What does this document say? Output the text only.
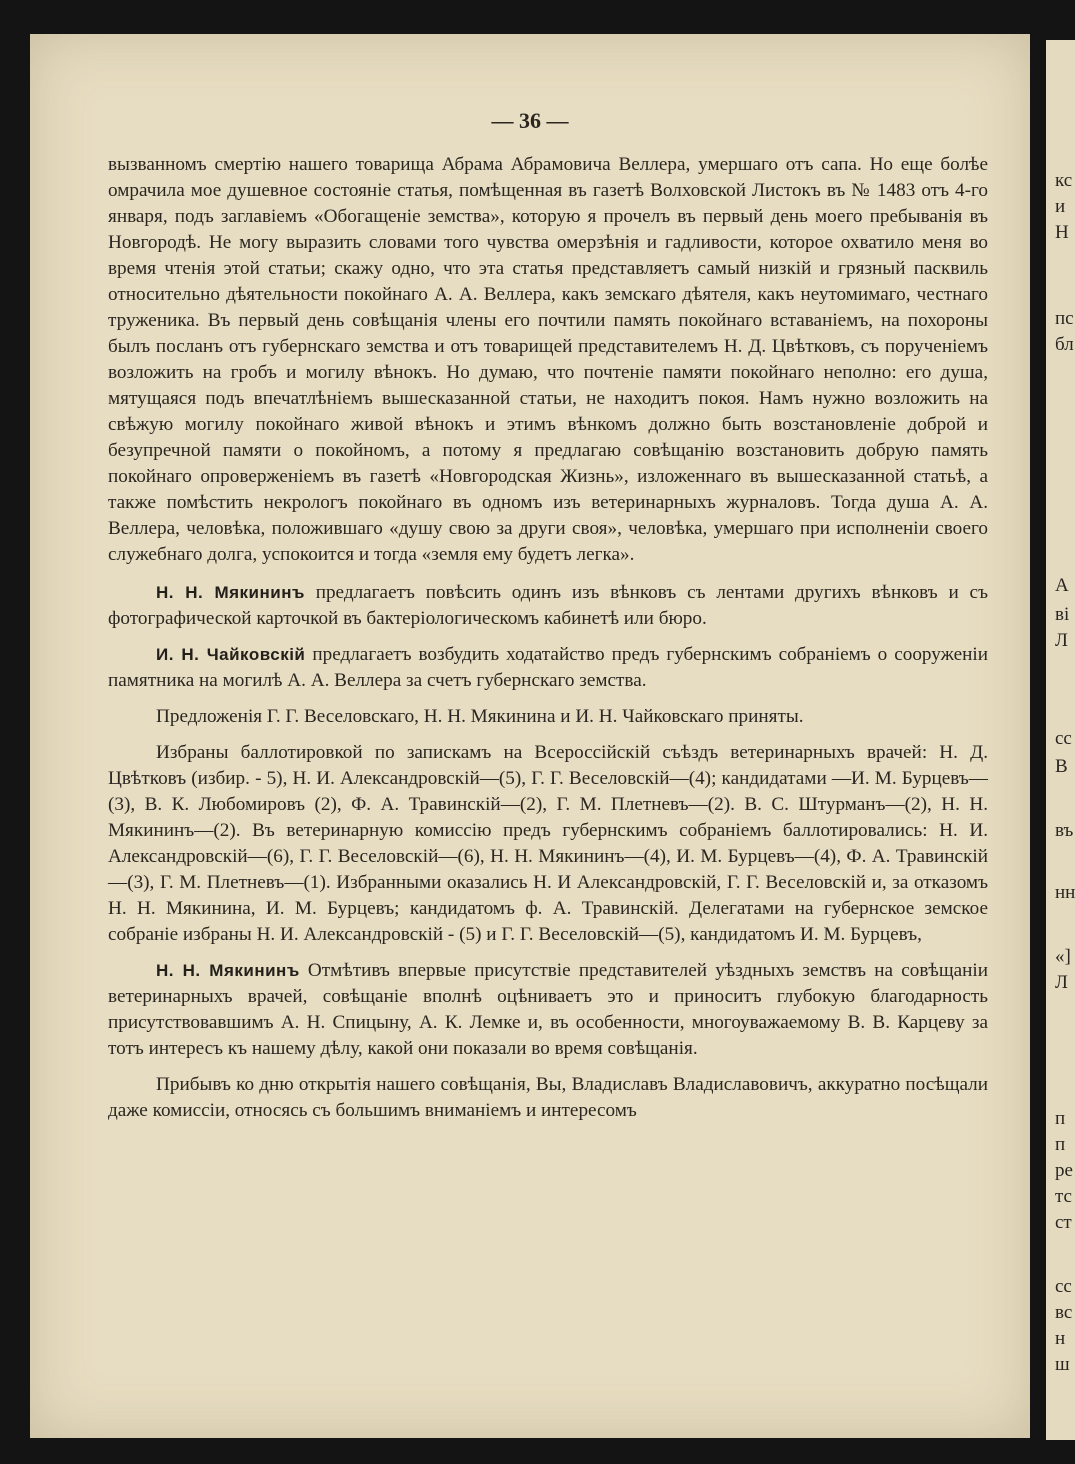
— 36 —

вызванномъ смертiю нашего товарища Абрама Абрамовича Веллера, умершаго отъ сапа. Но еще болѣе омрачила мое душевное состоянiе статья, помѣщенная въ газетѣ Волховской Листокъ въ № 1483 отъ 4-го января, подъ заглавiемъ «Обогащенiе земства», которую я прочелъ въ первый день моего пребыванiя въ Новгородѣ. Не могу выразить словами того чувства омерзѣнiя и гадливости, которое охватило меня во время чтенiя этой статьи; скажу одно, что эта статья представляетъ самый низкiй и грязный пасквиль относительно дѣятельности покойнаго А. А. Веллера, какъ земскаго дѣятеля, какъ неутомимаго, честнаго труженика. Въ первый день совѣщанiя члены его почтили память покойнаго вставанiемъ, на похороны былъ посланъ отъ губернскаго земства и отъ товарищей представителемъ Н. Д. Цвѣтковъ, съ порученiемъ возложить на гробъ и могилу вѣнокъ. Но думаю, что почтенiе памяти покойнаго неполно: его душа, мятущаяся подъ впечатлѣнiемъ вышесказанной статьи, не находитъ покоя. Намъ нужно возложить на свѣжую могилу покойнаго живой вѣнокъ и этимъ вѣнкомъ должно быть возстановленiе доброй и безупречной памяти о покойномъ, а потому я предлагаю совѣщанiю возстановить добрую память покойнаго опроверженiемъ въ газетѣ «Новгородская Жизнь», изложеннаго въ вышесказанной статьѣ, а также помѣстить некрологъ покойнаго въ одномъ изъ ветеринарныхъ журналовъ. Тогда душа А. А. Веллера, человѣка, положившаго «душу свою за други своя», человѣка, умершаго при исполненiи своего служебнаго долга, успокоится и тогда «земля ему будетъ легка».

Н. Н. Мякининъ предлагаетъ повѣсить одинъ изъ вѣнковъ съ лентами другихъ вѣнковъ и съ фотографической карточкой въ бактерiологическомъ кабинетѣ или бюро.

И. Н. Чайковскiй предлагаетъ возбудить ходатайство предъ губернскимъ собранiемъ о сооруженiи памятника на могилѣ А. А. Веллера за счетъ губернскаго земства.

Предложенiя Г. Г. Веселовскаго, Н. Н. Мякинина и И. Н. Чайковскаго приняты.

Избраны баллотировкой по запискамъ на Всероссiйскiй съѣздъ ветеринарныхъ врачей: Н. Д. Цвѣтковъ (избир. - 5), Н. И. Александровскiй—(5), Г. Г. Веселовскiй—(4); кандидатами —И. М. Бурцевъ—(3), В. К. Любомировъ (2), Ф. А. Травинскiй—(2), Г. М. Плетневъ—(2). В. С. Штурманъ—(2), Н. Н. Мякининъ—(2). Въ ветеринарную комиссiю предъ губернскимъ собранiемъ баллотировались: Н. И. Александровскiй—(6), Г. Г. Веселовскiй—(6), Н. Н. Мякининъ—(4), И. М. Бурцевъ—(4), Ф. А. Травинскiй—(3), Г. М. Плетневъ—(1). Избранными оказались Н. И Александровскiй, Г. Г. Веселовскiй и, за отказомъ Н. Н. Мякинина, И. М. Бурцевъ; кандидатомъ ф. А. Травинскiй. Делегатами на губернское земское собранiе избраны Н. И. Александровскiй - (5) и Г. Г. Веселовскiй—(5), кандидатомъ И. М. Бурцевъ,

Н. Н. Мякининъ Отмѣтивъ впервые присутствiе представителей уѣздныхъ земствъ на совѣщанiи ветеринарныхъ врачей, совѣщанiе вполнѣ оцѣниваетъ это и приноситъ глубокую благодарность присутствовавшимъ А. Н. Спицыну, А. К. Лемке и, въ особенности, многоуважаемому В. В. Карцеву за тотъ интересъ къ нашему дѣлу, какой они показали во время совѣщанiя.

Прибывъ ко дню открытiя нашего совѣщанiя, Вы, Владиславъ Владиславовичъ, аккуратно посѣщали даже комиссiи, относясь съ большимъ вниманiемъ и интересомъ

кс
и
Н
пс
бл
А
ві
Л
сс
В
въ
нн
«]
Л
п
п
ре
тс
ст
сс
вс
н
ш
